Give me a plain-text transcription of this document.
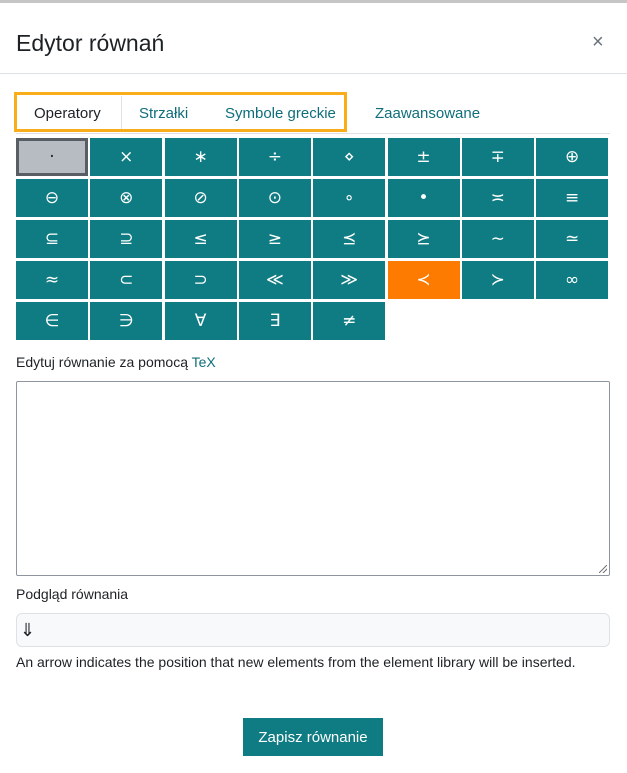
Edytor równań	×
Operatory	Strzałki Symbole greckie	Zaawansowane
·	×	∗	÷	⋄	±	∓	⊕
⊖	⊗	⊘	⊙	∘	•	≍	≡
⊆	⊇	≤	≥	⪯	⪰	∼	≃
≈	⊂	⊃	≪	≫	≺	≻	∞
∈	∋	∀	∃	≠
Edytuj równanie za pomocą TeX
Podgląd równania
⇓
An arrow indicates the position that new elements from the element library will be inserted.
Zapisz równanie
